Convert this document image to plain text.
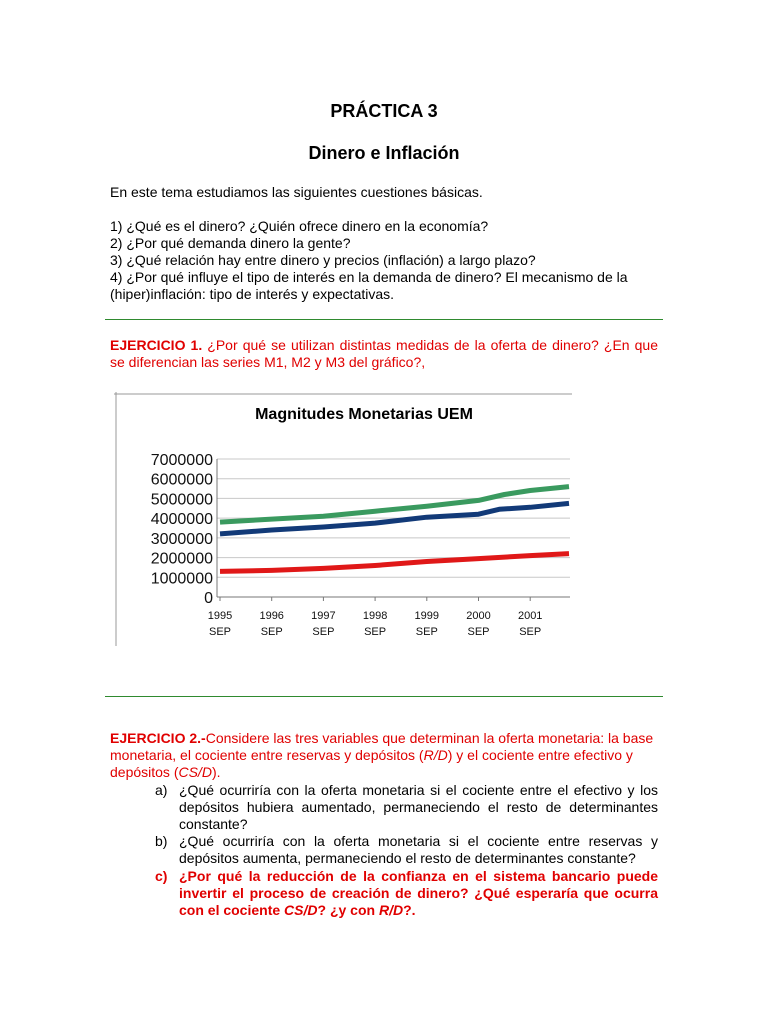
PRÁCTICA 3
Dinero e Inflación
En este tema estudiamos las siguientes cuestiones básicas.
1) ¿Qué es el dinero? ¿Quién ofrece dinero en la economía?
2) ¿Por qué demanda dinero la gente?
3) ¿Qué relación hay entre dinero y precios (inflación) a largo plazo?
4) ¿Por qué influye el tipo de interés en la demanda de dinero? El mecanismo de la (hiper)inflación: tipo de interés y expectativas.
EJERCICIO 1. ¿Por qué se utilizan distintas medidas de la oferta de dinero? ¿En que se diferencian las series M1, M2 y M3 del gráfico?,
Magnitudes Monetarias UEM
7000000
6000000
5000000
4000000
3000000
2000000
1000000
0
1995
SEP
1996
SEP
1997
SEP
1998
SEP
1999
SEP
2000
SEP
2001
SEP
EJERCICIO 2.-Considere las tres variables que determinan la oferta monetaria: la base monetaria, el cociente entre reservas y depósitos (R/D) y el cociente entre efectivo y depósitos (CS/D).
a) ¿Qué ocurriría con la oferta monetaria si el cociente entre el efectivo y los depósitos hubiera aumentado, permaneciendo el resto de determinantes constante?
b) ¿Qué ocurriría con la oferta monetaria si el cociente entre reservas y depósitos aumenta, permaneciendo el resto de determinantes constante?
c) ¿Por qué la reducción de la confianza en el sistema bancario puede invertir el proceso de creación de dinero? ¿Qué esperaría que ocurra con el cociente CS/D? ¿y con R/D?.
